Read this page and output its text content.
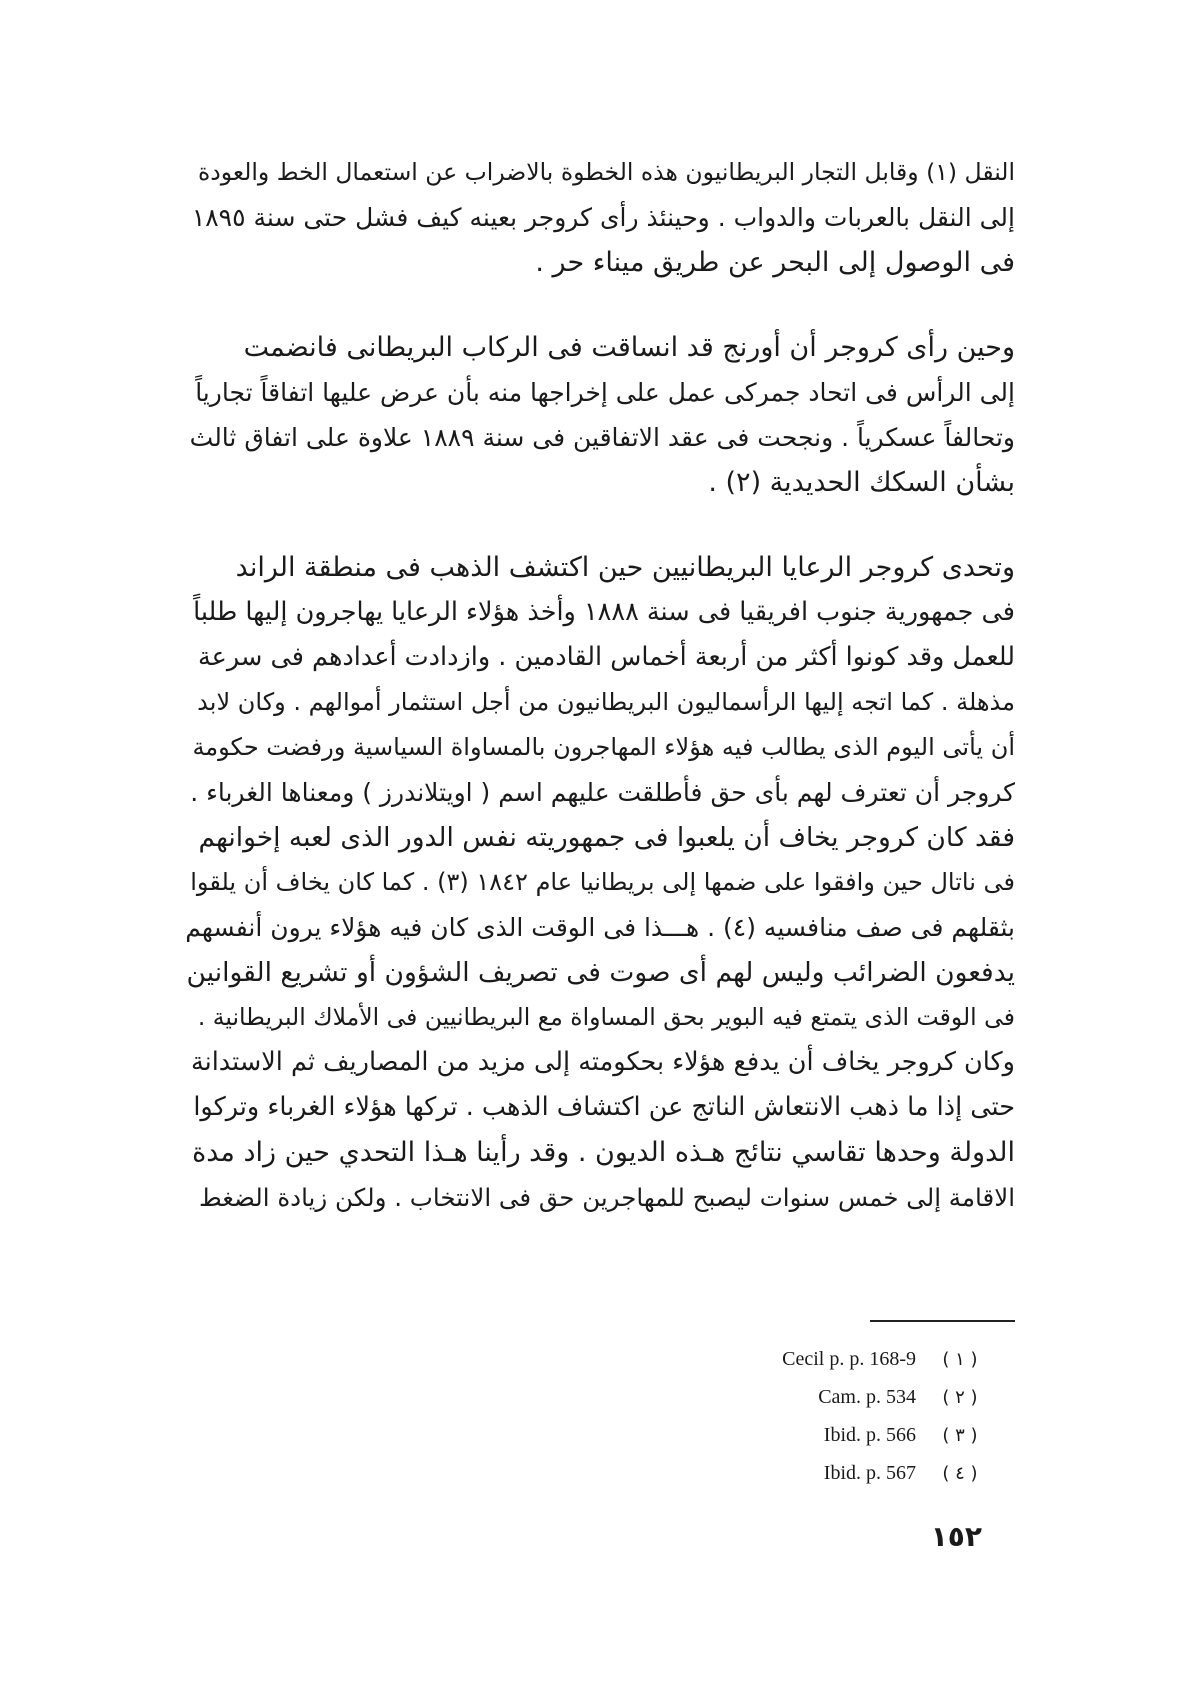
النقل (١) وقابل التجار البريطانيون هذه الخطوة بالاضراب عن استعمال الخط والعودة
إلى النقل بالعربات والدواب . وحينئذ رأى كروجر بعينه كيف فشل حتى سنة ١٨٩٥
فى الوصول إلى البحر عن طريق ميناء حر .
وحين رأى كروجر أن أورنج قد انساقت فى الركاب البريطانى فانضمت
إلى الرأس فى اتحاد جمركى عمل على إخراجها منه بأن عرض عليها اتفاقاً تجارياً
وتحالفاً عسكرياً . ونجحت فى عقد الاتفاقين فى سنة ١٨٨٩ علاوة على اتفاق ثالث
بشأن السكك الحديدية (٢) .
وتحدى كروجر الرعايا البريطانيين حين اكتشف الذهب فى منطقة الراند
فى جمهورية جنوب افريقيا فى سنة ١٨٨٨ وأخذ هؤلاء الرعايا يهاجرون إليها طلباً
للعمل وقد كونوا أكثر من أربعة أخماس القادمين . وازدادت أعدادهم فى سرعة
مذهلة . كما اتجه إليها الرأسماليون البريطانيون من أجل استثمار أموالهم . وكان لابد
أن يأتى اليوم الذى يطالب فيه هؤلاء المهاجرون بالمساواة السياسية ورفضت حكومة
كروجر أن تعترف لهم بأى حق فأطلقت عليهم اسم ( اويتلاندرز ) ومعناها الغرباء .
فقد كان كروجر يخاف أن يلعبوا فى جمهوريته نفس الدور الذى لعبه إخوانهم
فى ناتال حين وافقوا على ضمها إلى بريطانيا عام ١٨٤٢ (٣) . كما كان يخاف أن يلقوا
بثقلهم فى صف منافسيه (٤) . هـــذا فى الوقت الذى كان فيه هؤلاء يرون أنفسهم
يدفعون الضرائب وليس لهم أى صوت فى تصريف الشؤون أو تشريع القوانين
فى الوقت الذى يتمتع فيه البوير بحق المساواة مع البريطانيين فى الأملاك البريطانية .
وكان كروجر يخاف أن يدفع هؤلاء بحكومته إلى مزيد من المصاريف ثم الاستدانة
حتى إذا ما ذهب الانتعاش الناتج عن اكتشاف الذهب . تركها هؤلاء الغرباء وتركوا
الدولة وحدها تقاسي نتائج هـذه الديون . وقد رأينا هـذا التحدي حين زاد مدة
الاقامة إلى خمس سنوات ليصبح للمهاجرين حق فى الانتخاب . ولكن زيادة الضغط
Cecil p. p. 168-9	( ١ )
Cam. p. 534	( ٢ )
Ibid. p. 566	( ٣ )
Ibid. p. 567	( ٤ )
١٥٢
